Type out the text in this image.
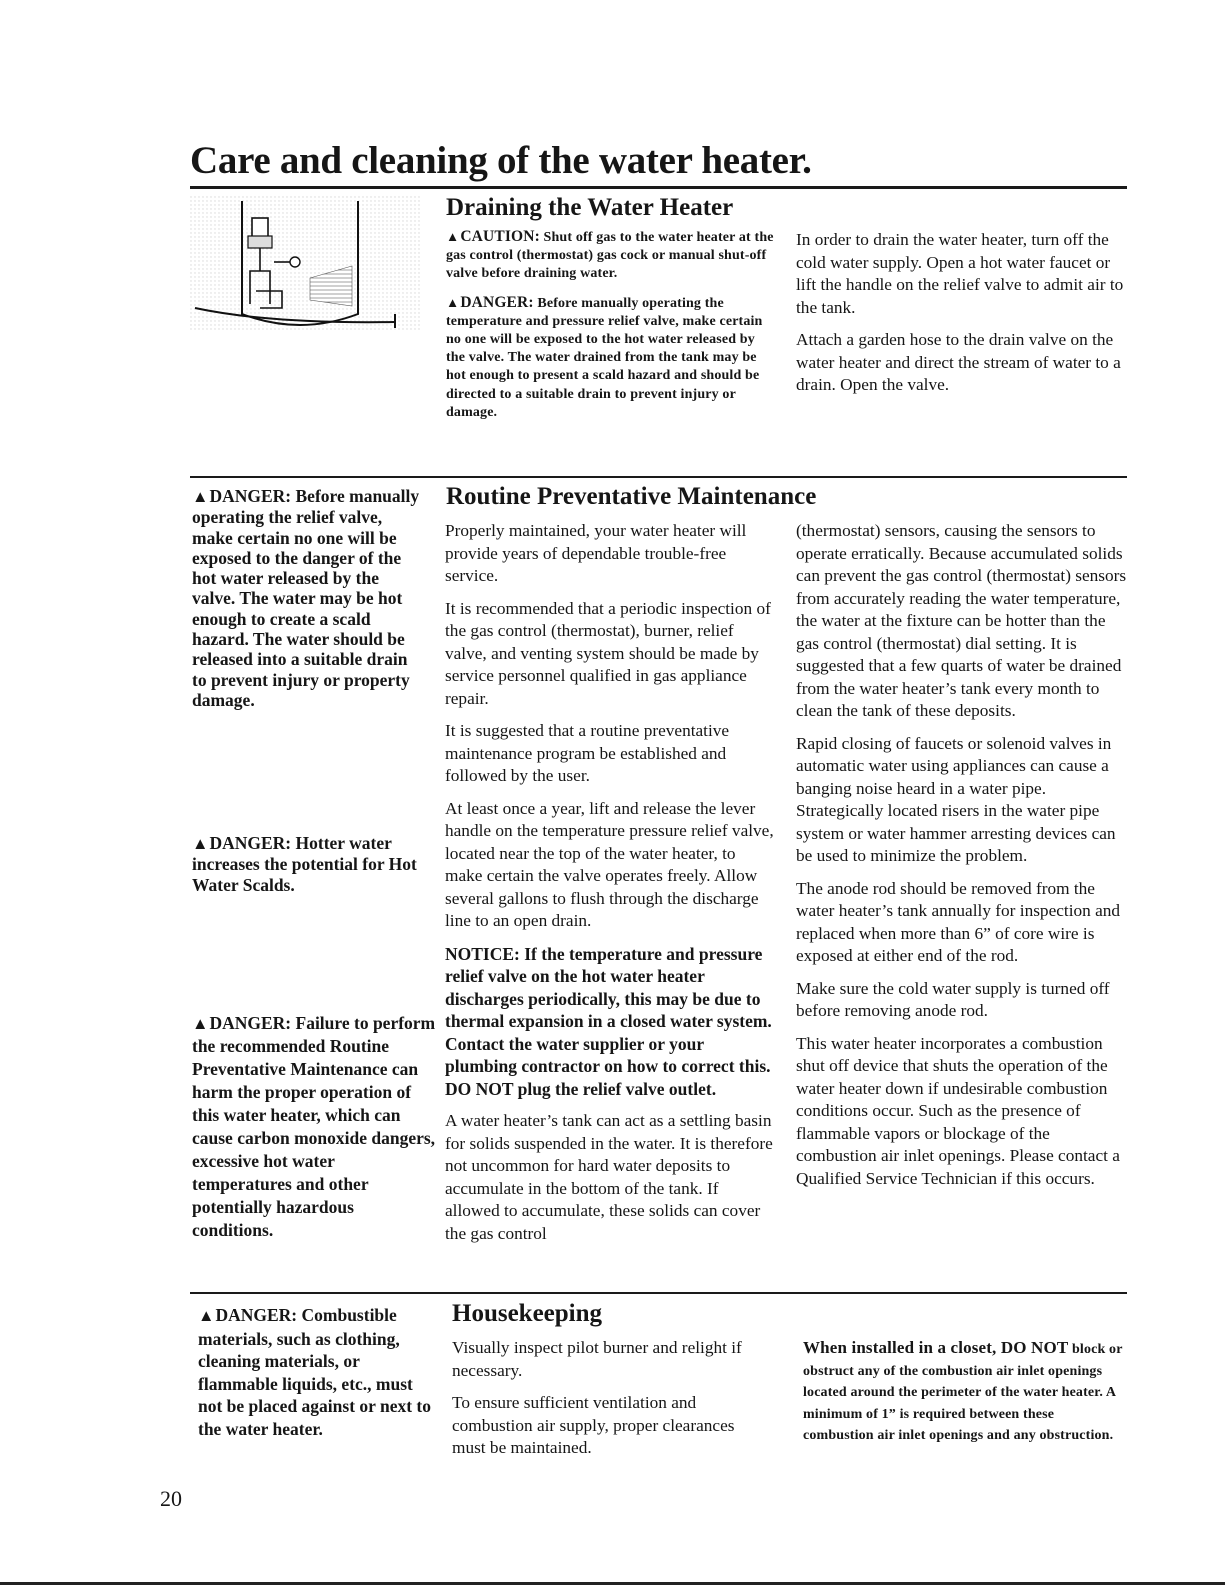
Care and cleaning of the water heater.
Draining the Water Heater

▲CAUTION: Shut off gas to the water heater at the gas control (thermostat) gas cock or manual shut-off valve before draining water.

▲DANGER: Before manually operating the temperature and pressure relief valve, make certain no one will be exposed to the hot water released by the valve. The water drained from the tank may be hot enough to present a scald hazard and should be directed to a suitable drain to prevent injury or damage.

In order to drain the water heater, turn off the cold water supply. Open a hot water faucet or lift the handle on the relief valve to admit air to the tank.

Attach a garden hose to the drain valve on the water heater and direct the stream of water to a drain. Open the valve.

Routine Preventative Maintenance
▲DANGER: Before manually operating the relief valve, make certain no one will be exposed to the danger of the hot water released by the valve. The water may be hot enough to create a scald hazard. The water should be released into a suitable drain to prevent injury or property damage.
▲DANGER: Hotter water increases the potential for Hot Water Scalds.
▲DANGER: Failure to perform the recommended Routine Preventative Maintenance can harm the proper operation of this water heater, which can cause carbon monoxide dangers, excessive hot water temperatures and other potentially hazardous conditions.

Properly maintained, your water heater will provide years of dependable trouble-free service.

It is recommended that a periodic inspection of the gas control (thermostat), burner, relief valve, and venting system should be made by service personnel qualified in gas appliance repair.

It is suggested that a routine preventative maintenance program be established and followed by the user.

At least once a year, lift and release the lever handle on the temperature pressure relief valve, located near the top of the water heater, to make certain the valve operates freely. Allow several gallons to flush through the discharge line to an open drain.

NOTICE: If the temperature and pressure relief valve on the hot water heater discharges periodically, this may be due to thermal expansion in a closed water system. Contact the water supplier or your plumbing contractor on how to correct this. DO NOT plug the relief valve outlet.

A water heater’s tank can act as a settling basin for solids suspended in the water. It is therefore not uncommon for hard water deposits to accumulate in the bottom of the tank. If allowed to accumulate, these solids can cover the gas control

(thermostat) sensors, causing the sensors to operate erratically. Because accumulated solids can prevent the gas control (thermostat) sensors from accurately reading the water temperature, the water at the fixture can be hotter than the gas control (thermostat) dial setting. It is suggested that a few quarts of water be drained from the water heater’s tank every month to clean the tank of these deposits.

Rapid closing of faucets or solenoid valves in automatic water using appliances can cause a banging noise heard in a water pipe. Strategically located risers in the water pipe system or water hammer arresting devices can be used to minimize the problem.

The anode rod should be removed from the water heater’s tank annually for inspection and replaced when more than 6” of core wire is exposed at either end of the rod.

Make sure the cold water supply is turned off before removing anode rod.

This water heater incorporates a combustion shut off device that shuts the operation of the water heater down if undesirable combustion conditions occur. Such as the presence of flammable vapors or blockage of the combustion air inlet openings. Please contact a Qualified Service Technician if this occurs.

Housekeeping
▲DANGER: Combustible materials, such as clothing, cleaning materials, or flammable liquids, etc., must not be placed against or next to the water heater.

Visually inspect pilot burner and relight if necessary.

To ensure sufficient ventilation and combustion air supply, proper clearances must be maintained.

When installed in a closet, DO NOT block or obstruct any of the combustion air inlet openings located around the perimeter of the water heater. A minimum of 1” is required between these combustion air inlet openings and any obstruction.
20
